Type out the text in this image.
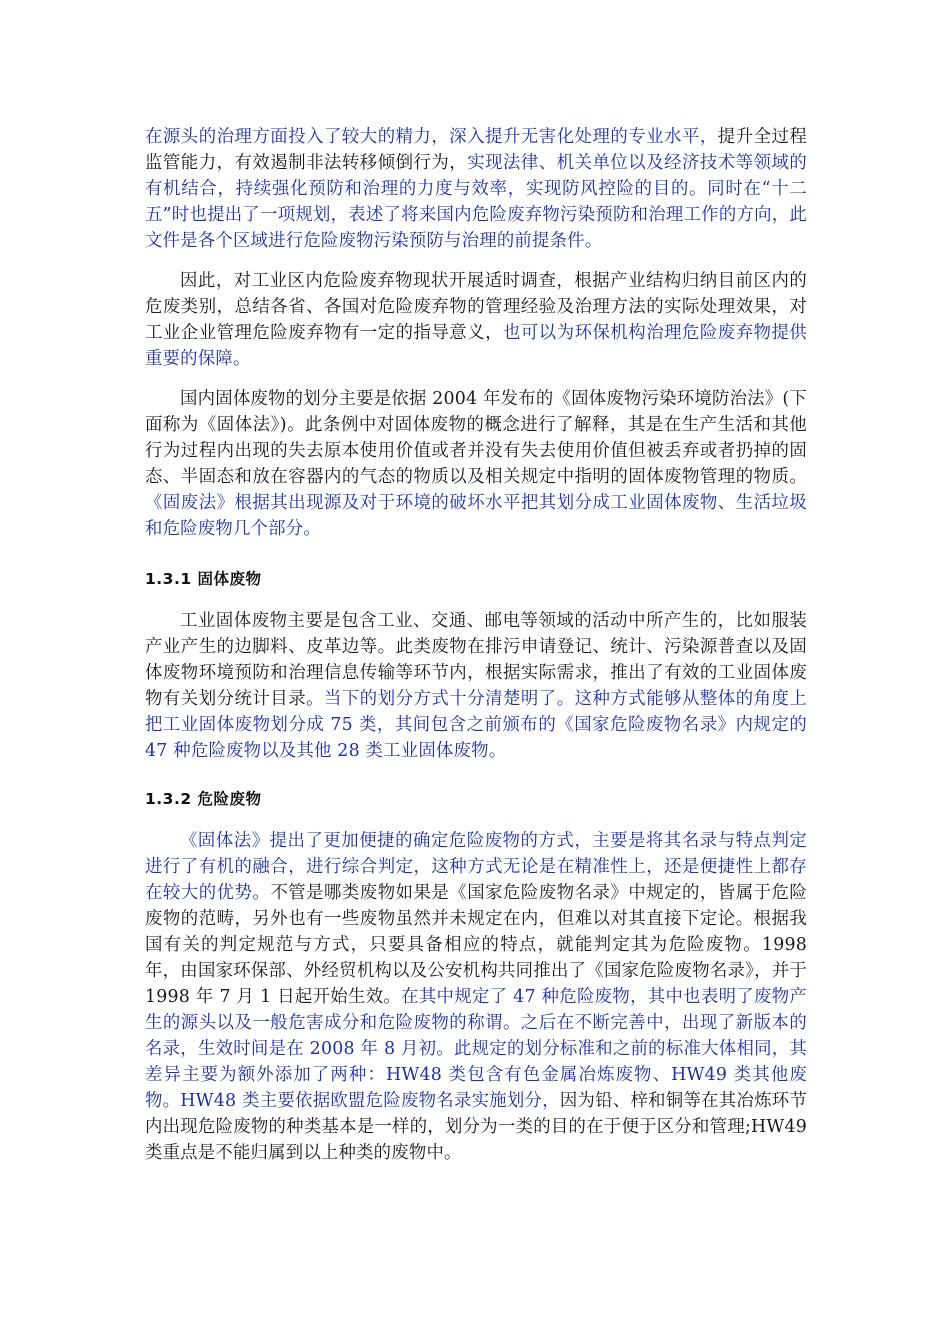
在源头的治理方面投入了较大的精力，深入提升无害化处理的专业水平，提升全过程监管能力，有效遏制非法转移倾倒行为，实现法律、机关单位以及经济技术等领域的有机结合，持续强化预防和治理的力度与效率，实现防风控险的目的。同时在“十二五”时也提出了一项规划，表述了将来国内危险废弃物污染预防和治理工作的方向，此文件是各个区域进行危险废物污染预防与治理的前提条件。

因此，对工业区内危险废弃物现状开展适时调查，根据产业结构归纳目前区内的危废类别，总结各省、各国对危险废弃物的管理经验及治理方法的实际处理效果，对工业企业管理危险废弃物有一定的指导意义，也可以为环保机构治理危险废弃物提供重要的保障。

国内固体废物的划分主要是依据 2004 年发布的《固体废物污染环境防治法》(下面称为《固体法》)。此条例中对固体废物的概念进行了解释，其是在生产生活和其他行为过程内出现的失去原本使用价值或者并没有失去使用价值但被丢弃或者扔掉的固态、半固态和放在容器内的气态的物质以及相关规定中指明的固体废物管理的物质。《固废法》根据其出现源及对于环境的破坏水平把其划分成工业固体废物、生活垃圾和危险废物几个部分。

1.3.1 固体废物

工业固体废物主要是包含工业、交通、邮电等领域的活动中所产生的，比如服装产业产生的边脚料、皮革边等。此类废物在排污申请登记、统计、污染源普查以及固体废物环境预防和治理信息传输等环节内，根据实际需求，推出了有效的工业固体废物有关划分统计目录。当下的划分方式十分清楚明了。这种方式能够从整体的角度上把工业固体废物划分成 75 类，其间包含之前颁布的《国家危险废物名录》内规定的 47 种危险废物以及其他 28 类工业固体废物。

1.3.2 危险废物

《固体法》提出了更加便捷的确定危险废物的方式，主要是将其名录与特点判定进行了有机的融合，进行综合判定，这种方式无论是在精准性上，还是便捷性上都存在较大的优势。不管是哪类废物如果是《国家危险废物名录》中规定的，皆属于危险废物的范畴，另外也有一些废物虽然并未规定在内，但难以对其直接下定论。根据我国有关的判定规范与方式，只要具备相应的特点，就能判定其为危险废物。1998 年，由国家环保部、外经贸机构以及公安机构共同推出了《国家危险废物名录》，并于 1998 年 7 月 1 日起开始生效。在其中规定了 47 种危险废物，其中也表明了废物产生的源头以及一般危害成分和危险废物的称谓。之后在不断完善中，出现了新版本的名录，生效时间是在 2008 年 8 月初。此规定的划分标准和之前的标准大体相同，其差异主要为额外添加了两种：HW48 类包含有色金属冶炼废物、HW49 类其他废物。HW48 类主要依据欧盟危险废物名录实施划分，因为铅、梓和铜等在其冶炼环节内出现危险废物的种类基本是一样的，划分为一类的目的在于便于区分和管理;HW49 类重点是不能归属到以上种类的废物中。
